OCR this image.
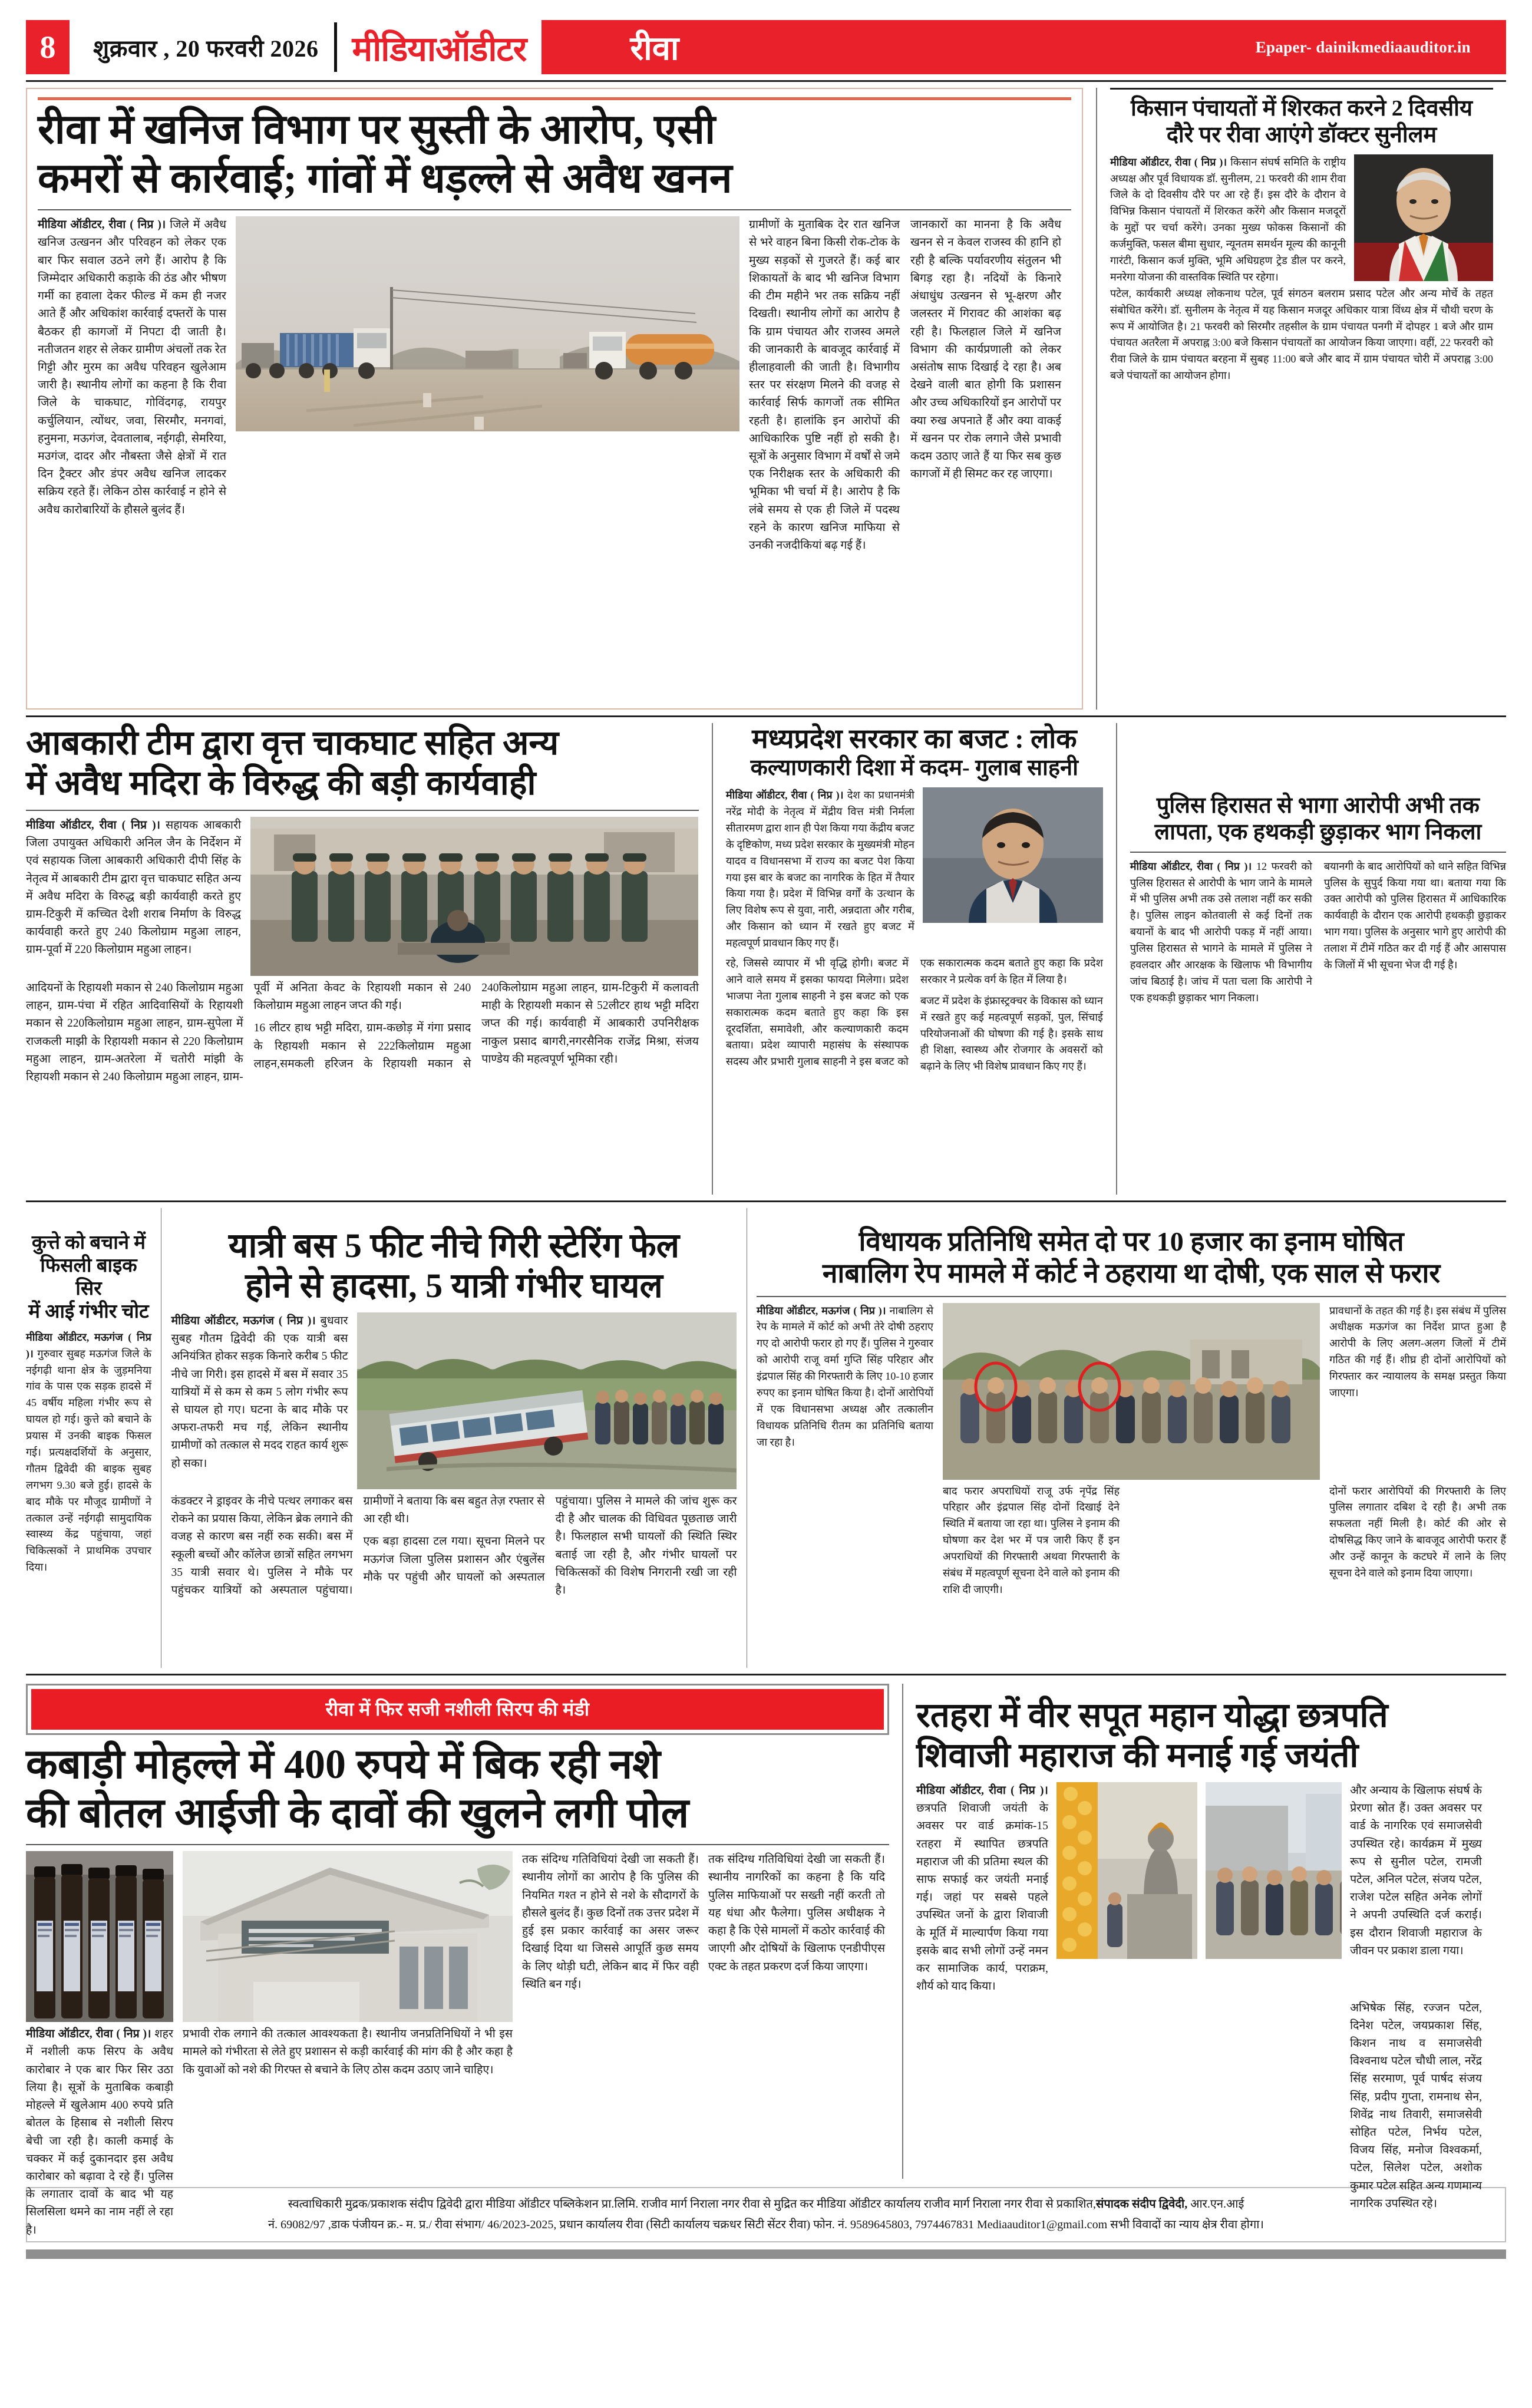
8	शुक्रवार , 20 फरवरी 2026 मीडियाऑडीटर	रीवा	Epaper- dainikmediaauditor.in
रीवा में खनिज विभाग पर सुस्ती के आरोप, एसी
कमरों से कार्रवाई; गांवों में धड़ल्ले से अवैध खनन

मीडिया ऑडीटर, रीवा ( निप्र )। जिले में अवैध खनिज उत्खनन और परिवहन को लेकर एक बार फिर सवाल उठने लगे हैं। आरोप है कि जिम्मेदार अधिकारी कड़ाके की ठंड और भीषण गर्मी का हवाला देकर फील्ड में कम ही नजर आते हैं और अधिकांश कार्रवाई दफ्तरों के पास बैठकर ही कागजों में निपटा दी जाती है। नतीजतन शहर से लेकर ग्रामीण अंचलों तक रेत गिट्टी और मुरम का अवैध परिवहन खुलेआम जारी है। स्थानीय लोगों का कहना है कि रीवा जिले के चाकघाट, गोविंदगढ़, रायपुर कर्चुलियान, त्योंथर, जवा, सिरमौर, मनगवां, हनुमना, मऊगंज, देवतालाब, नईगढ़ी, सेमरिया, मउगंज, दादर और नौबस्ता जैसे क्षेत्रों में रात दिन ट्रैक्टर और डंपर अवैध खनिज लादकर सक्रिय रहते हैं। लेकिन ठोस कार्रवाई न होने से अवैध कारोबारियों के हौसले बुलंद हैं।

ग्रामीणों के मुताबिक देर रात खनिज से भरे वाहन बिना किसी रोक-टोक के मुख्य सड़कों से गुजरते हैं। कई बार शिकायतों के बाद भी खनिज विभाग की टीम महीने भर तक सक्रिय नहीं दिखती। स्थानीय लोगों का आरोप है कि ग्राम पंचायत और राजस्व अमले की जानकारी के बावजूद कार्रवाई में हीलाहवाली की जाती है। विभागीय स्तर पर संरक्षण मिलने की वजह से कार्रवाई सिर्फ कागजों तक सीमित रहती है। हालांकि इन आरोपों की आधिकारिक पुष्टि नहीं हो सकी है। सूत्रों के अनुसार विभाग में वर्षों से जमे एक निरीक्षक स्तर के अधिकारी की भूमिका भी चर्चा में है। आरोप है कि लंबे समय से एक ही जिले में पदस्थ रहने के कारण खनिज माफिया से उनकी नजदीकियां बढ़ गई हैं।

जानकारों का मानना है कि अवैध खनन से न केवल राजस्व की हानि हो रही है बल्कि पर्यावरणीय संतुलन भी बिगड़ रहा है। नदियों के किनारे अंधाधुंध उत्खनन से भू-क्षरण और जलस्तर में गिरावट की आशंका बढ़ रही है। फिलहाल जिले में खनिज विभाग की कार्यप्रणाली को लेकर असंतोष साफ दिखाई दे रहा है। अब देखने वाली बात होगी कि प्रशासन और उच्च अधिकारियों इन आरोपों पर क्या रुख अपनाते हैं और क्या वाकई में खनन पर रोक लगाने जैसे प्रभावी कदम उठाए जाते हैं या फिर सब कुछ कागजों में ही सिमट कर रह जाएगा।

किसान पंचायतों में शिरकत करने 2 दिवसीय
दौरे पर रीवा आएंगे डॉक्टर सुनीलम

मीडिया ऑडीटर, रीवा ( निप्र )। किसान संघर्ष समिति के राष्ट्रीय अध्यक्ष और पूर्व विधायक डॉ. सुनीलम, 21 फरवरी की शाम रीवा जिले के दो दिवसीय दौरे पर आ रहे हैं। इस दौरे के दौरान वे विभिन्न किसान पंचायतों में शिरकत करेंगे और किसान मजदूरों के मुद्दों पर चर्चा करेंगे। उनका मुख्य फोकस किसानों की कर्जमुक्ति, फसल बीमा सुधार, न्यूनतम समर्थन मूल्य की कानूनी गारंटी, किसान कर्ज मुक्ति, भूमि अधिग्रहण ट्रेड डील पर करने, मनरेगा योजना की वास्तविक स्थिति पर रहेगा।

पटेल, कार्यकारी अध्यक्ष लोकनाथ पटेल, पूर्व संगठन बलराम प्रसाद पटेल और अन्य मोर्चे के तहत संबोधित करेंगे। डॉ. सुनीलम के नेतृत्व में यह किसान मजदूर अधिकार यात्रा विंध्य क्षेत्र में चौथी चरण के रूप में आयोजित है। 21 फरवरी को सिरमौर तहसील के ग्राम पंचायत पनगी में दोपहर 1 बजे और ग्राम पंचायत अतरैला में अपराह्न 3:00 बजे किसान पंचायतों का आयोजन किया जाएगा। वहीं, 22 फरवरी को रीवा जिले के ग्राम पंचायत बरहना में सुबह 11:00 बजे और बाद में ग्राम पंचायत चोरी में अपराह्न 3:00 बजे पंचायतों का आयोजन होगा।

आबकारी टीम द्वारा वृत्त चाकघाट सहित अन्य
में अवैध मदिरा के विरुद्ध की बड़ी कार्यवाही

मीडिया ऑडीटर, रीवा ( निप्र )। सहायक आबकारी जिला उपायुक्त अधिकारी अनिल जैन के निर्देशन में एवं सहायक जिला आबकारी अधिकारी दीपी सिंह के नेतृत्व में आबकारी टीम द्वारा वृत्त चाकघाट सहित अन्य में अवैध मदिरा के विरुद्ध बड़ी कार्यवाही करते हुए ग्राम-टिकुरी में कच्चित देशी शराब निर्माण के विरुद्ध कार्यवाही करते हुए 240 किलोग्राम महुआ लाहन, ग्राम-पूर्वा में 220 किलोग्राम महुआ लाहन।

आदियनों के रिहायशी मकान से 240 किलोग्राम महुआ लाहन, ग्राम-पंचा में रहित आदिवासियों के रिहायशी मकान से 220किलोग्राम महुआ लाहन, ग्राम-सुपेला में राजकली माझी के रिहायशी मकान से 220 किलोग्राम महुआ लाहन, ग्राम-अतरेला में चतोरी मांझी के रिहायशी मकान से 240 किलोग्राम महुआ लाहन, ग्राम-पूर्वी में अनिता केवट के रिहायशी मकान से 240 किलोग्राम महुआ लाहन जप्त की गई।

16 लीटर हाथ भट्टी मदिरा, ग्राम-कछोड़ में गंगा प्रसाद के रिहायशी मकान से 222किलोग्राम महुआ लाहन,समकली हरिजन के रिहायशी मकान से 240किलोग्राम महुआ लाहन, ग्राम-टिकुरी में कलावती माही के रिहायशी मकान से 52लीटर हाथ भट्टी मदिरा जप्त की गई। कार्यवाही में आबकारी उपनिरीक्षक नाकुल प्रसाद बागरी,नगरसैनिक राजेंद्र मिश्रा, संजय पाण्डेय की महत्वपूर्ण भूमिका रही।

मध्यप्रदेश सरकार का बजट : लोक
कल्याणकारी दिशा में कदम- गुलाब साहनी

मीडिया ऑडीटर, रीवा ( निप्र )। देश का प्रधानमंत्री नरेंद्र मोदी के नेतृत्व में मेंद्रीय वित्त मंत्री निर्मला सीतारमण द्वारा शान ही पेश किया गया केंद्रीय बजट के दृष्टिकोण, मध्य प्रदेश सरकार के मुख्यमंत्री मोहन यादव व विधानसभा में राज्य का बजट पेश किया गया इस बार के बजट का नागरिक के हित में तैयार किया गया है। प्रदेश में विभिन्न वर्गों के उत्थान के लिए विशेष रूप से युवा, नारी, अन्नदाता और गरीब, और किसान को ध्यान में रखते हुए बजट में महत्वपूर्ण प्रावधान किए गए हैं।

रहे, जिससे व्यापार में भी वृद्धि होगी। बजट में आने वाले समय में इसका फायदा मिलेगा। प्रदेश भाजपा नेता गुलाब साहनी ने इस बजट को एक सकारात्मक कदम बताते हुए कहा कि इस दूरदर्शिता, समावेशी, और कल्याणकारी कदम बताया। प्रदेश व्यापारी महासंघ के संस्थापक सदस्य और प्रभारी गुलाब साहनी ने इस बजट को एक सकारात्मक कदम बताते हुए कहा कि प्रदेश सरकार ने प्रत्येक वर्ग के हित में लिया है।

बजट में प्रदेश के इंफ्रास्ट्रक्चर के विकास को ध्यान में रखते हुए कई महत्वपूर्ण सड़कों, पुल, सिंचाई परियोजनाओं की घोषणा की गई है। इसके साथ ही शिक्षा, स्वास्थ्य और रोजगार के अवसरों को बढ़ाने के लिए भी विशेष प्रावधान किए गए हैं।

पुलिस हिरासत से भागा आरोपी अभी तक
लापता, एक हथकड़ी छुड़ाकर भाग निकला

मीडिया ऑडीटर, रीवा ( निप्र )। 12 फरवरी को पुलिस हिरासत से आरोपी के भाग जाने के मामले में भी पुलिस अभी तक उसे तलाश नहीं कर सकी है। पुलिस लाइन कोतवाली से कई दिनों तक बयानों के बाद भी आरोपी पकड़ में नहीं आया। पुलिस हिरासत से भागने के मामले में पुलिस ने हवलदार और आरक्षक के खिलाफ भी विभागीय जांच बिठाई है। जांच में पता चला कि आरोपी ने एक हथकड़ी छुड़ाकर भाग निकला।

बयानगी के बाद आरोपियों को थाने सहित विभिन्न पुलिस के सुपुर्द किया गया था। बताया गया कि उक्त आरोपी को पुलिस हिरासत में आधिकारिक कार्यवाही के दौरान एक आरोपी हथकड़ी छुड़ाकर भाग गया। पुलिस के अनुसार भागे हुए आरोपी की तलाश में टीमें गठित कर दी गई हैं और आसपास के जिलों में भी सूचना भेज दी गई है।

कुत्ते को बचाने में
फिसली बाइक सिर
में आई गंभीर चोट

मीडिया ऑडीटर, मऊगंज ( निप्र )। गुरुवार सुबह मऊगंज जिले के नईगढ़ी थाना क्षेत्र के जुड़मनिया गांव के पास एक सड़क हादसे में 45 वर्षीय महिला गंभीर रूप से घायल हो गई। कुत्ते को बचाने के प्रयास में उनकी बाइक फिसल गई। प्रत्यक्षदर्शियों के अनुसार, गौतम द्विवेदी की बाइक सुबह लगभग 9.30 बजे हुई। हादसे के बाद मौके पर मौजूद ग्रामीणों ने तत्काल उन्हें नईगढ़ी सामुदायिक स्वास्थ्य केंद्र पहुंचाया, जहां चिकित्सकों ने प्राथमिक उपचार दिया।

यात्री बस 5 फीट नीचे गिरी स्टेरिंग फेल
होने से हादसा, 5 यात्री गंभीर घायल

मीडिया ऑडीटर, मऊगंज ( निप्र )। बुधवार सुबह गौतम द्विवेदी की एक यात्री बस अनियंत्रित होकर सड़क किनारे करीब 5 फीट नीचे जा गिरी। इस हादसे में बस में सवार 35 यात्रियों में से कम से कम 5 लोग गंभीर रूप से घायल हो गए। घटना के बाद मौके पर अफरा-तफरी मच गई, लेकिन स्थानीय ग्रामीणों को तत्काल से मदद राहत कार्य शुरू हो सका।

कंडक्टर ने ड्राइवर के नीचे पत्थर लगाकर बस रोकने का प्रयास किया, लेकिन ब्रेक लगाने की वजह से कारण बस नहीं रुक सकी। बस में स्कूली बच्चों और कॉलेज छात्रों सहित लगभग 35 यात्री सवार थे। पुलिस ने मौके पर पहुंचकर यात्रियों को अस्पताल पहुंचाया। ग्रामीणों ने बताया कि बस बहुत तेज़ रफ्तार से आ रही थी।

एक बड़ा हादसा टल गया। सूचना मिलने पर मऊगंज जिला पुलिस प्रशासन और एंबुलेंस मौके पर पहुंची और घायलों को अस्पताल पहुंचाया। पुलिस ने मामले की जांच शुरू कर दी है और चालक की विधिवत पूछताछ जारी है। फिलहाल सभी घायलों की स्थिति स्थिर बताई जा रही है, और गंभीर घायलों पर चिकित्सकों की विशेष निगरानी रखी जा रही है।

विधायक प्रतिनिधि समेत दो पर 10 हजार का इनाम घोषित
नाबालिग रेप मामले में कोर्ट ने ठहराया था दोषी, एक साल से फरार

मीडिया ऑडीटर, मऊगंज ( निप्र )। नाबालिग से रेप के मामले में कोर्ट को अभी तेरे दोषी ठहराए गए दो आरोपी फरार हो गए हैं। पुलिस ने गुरुवार को आरोपी राजू वर्मा गुप्ति सिंह परिहार और इंद्रपाल सिंह की गिरफ्तारी के लिए 10-10 हजार रुपए का इनाम घोषित किया है। दोनों आरोपियों में एक विधानसभा अध्यक्ष और तत्कालीन विधायक प्रतिनिधि रीतम का प्रतिनिधि बताया जा रहा है।

प्रावधानों के तहत की गई है। इस संबंध में पुलिस अधीक्षक मऊगंज का निर्देश प्राप्त हुआ है आरोपी के लिए अलग-अलग जिलों में टीमें गठित की गई हैं। शीघ्र ही दोनों आरोपियों को गिरफ्तार कर न्यायालय के समक्ष प्रस्तुत किया जाएगा।

बाद फरार अपराधियों राजू उर्फ नृपेंद्र सिंह परिहार और इंद्रपाल सिंह दोनों दिखाई देने स्थिति में बताया जा रहा था। पुलिस ने इनाम की घोषणा कर देश भर में पत्र जारी किए हैं इन अपराधियों की गिरफ्तारी अथवा गिरफ्तारी के संबंध में महत्वपूर्ण सूचना देने वाले को इनाम की राशि दी जाएगी।

दोनों फरार आरोपियों की गिरफ्तारी के लिए पुलिस लगातार दबिश दे रही है। अभी तक सफलता नहीं मिली है। कोर्ट की ओर से दोषसिद्ध किए जाने के बावजूद आरोपी फरार हैं और उन्हें कानून के कटघरे में लाने के लिए सूचना देने वाले को इनाम दिया जाएगा।

रीवा में फिर सजी नशीली सिरप की मंडी
कबाड़ी मोहल्ले में 400 रुपये में बिक रही नशे
की बोतल आईजी के दावों की खुलने लगी पोल

तक संदिग्ध गतिविधियां देखी जा सकती हैं। स्थानीय लोगों का आरोप है कि पुलिस की नियमित गश्त न होने से नशे के सौदागरों के हौसले बुलंद हैं। कुछ दिनों तक उत्तर प्रदेश में हुई इस प्रकार कार्रवाई का असर जरूर दिखाई दिया था जिससे आपूर्ति कुछ समय के लिए थोड़ी घटी, लेकिन बाद में फिर वही स्थिति बन गई।

तक संदिग्ध गतिविधियां देखी जा सकती हैं। स्थानीय नागरिकों का कहना है कि यदि पुलिस माफियाओं पर सख्ती नहीं करती तो यह धंधा और फैलेगा। पुलिस अधीक्षक ने कहा है कि ऐसे मामलों में कठोर कार्रवाई की जाएगी और दोषियों के खिलाफ एनडीपीएस एक्ट के तहत प्रकरण दर्ज किया जाएगा।

मीडिया ऑडीटर, रीवा ( निप्र )। शहर में नशीली कफ सिरप के अवैध कारोबार ने एक बार फिर सिर उठा लिया है। सूत्रों के मुताबिक कबाड़ी मोहल्ले में खुलेआम 400 रुपये प्रति बोतल के हिसाब से नशीली सिरप बेची जा रही है। काली कमाई के चक्कर में कई दुकानदार इस अवैध कारोबार को बढ़ावा दे रहे हैं। पुलिस के लगातार दावों के बाद भी यह सिलसिला थमने का नाम नहीं ले रहा है।

प्रभावी रोक लगाने की तत्काल आवश्यकता है। स्थानीय जनप्रतिनिधियों ने भी इस मामले को गंभीरता से लेते हुए प्रशासन से कड़ी कार्रवाई की मांग की है और कहा है कि युवाओं को नशे की गिरफ्त से बचाने के लिए ठोस कदम उठाए जाने चाहिए।

रतहरा में वीर सपूत महान योद्धा छत्रपति
शिवाजी महाराज की मनाई गई जयंती

मीडिया ऑडीटर, रीवा ( निप्र )। छत्रपति शिवाजी जयंती के अवसर पर वार्ड क्रमांक-15 रतहरा में स्थापित छत्रपति महाराज जी की प्रतिमा स्थल की साफ सफाई कर जयंती मनाई गई। जहां पर सबसे पहले उपस्थित जनों के द्वारा शिवाजी के मूर्ति में माल्यार्पण किया गया इसके बाद सभी लोगों उन्हें नमन कर सामाजिक कार्य, परा​क्रम, शौर्य को याद किया।

और अन्याय के खिलाफ संघर्ष के प्रेरणा स्रोत हैं। उक्त अवसर पर वार्ड के नागरिक एवं समाजसेवी उपस्थित रहे। कार्यक्रम में मुख्य रूप से सुनील पटेल, रामजी पटेल, अनिल पटेल, संजय पटेल, राजेश पटेल सहित अनेक लोगों ने अपनी उपस्थिति दर्ज कराई। इस दौरान शिवाजी महाराज के जीवन पर प्रकाश डाला गया।

अभिषेक सिंह, रज्जन पटेल, दिनेश पटेल, जयप्रकाश सिंह, किशन नाथ व समाजसेवी विश्वनाथ पटेल चौधी लाल, नरेंद्र सिंह सरमाण, पूर्व पार्षद संजय सिंह, प्रदीप गुप्ता, रामनाथ सेन, शिवेंद्र नाथ तिवारी, समाजसेवी सोहित पटेल, निर्भय पटेल, विजय सिंह, मनोज विश्वकर्मा, पटेल, सिलेश पटेल, अशोक कुमार पटेल सहित अन्य गणमान्य नागरिक उपस्थित रहे।

स्वत्वाधिकारी मुद्रक/प्रकाशक संदीप द्विवेदी द्वारा मीडिया ऑडीटर पब्लिकेशन प्रा.लिमि. राजीव मार्ग निराला नगर रीवा से मुद्रित कर मीडिया ऑडीटर कार्यालय राजीव मार्ग निराला नगर रीवा से प्रकाशित,संपादक संदीप द्विवेदी, आर.एन.आई
नं. 69082/97 ,डाक पंजीयन क्र.- म. प्र./ रीवा संभाग/ 46/2023-2025, प्रधान कार्यालय रीवा (सिटी कार्यालय चक्रधर सिटी सेंटर रीवा) फोन. नं. 9589645803, 7974467831 Mediaauditor1@gmail.com सभी विवादों का न्याय क्षेत्र रीवा होगा।
